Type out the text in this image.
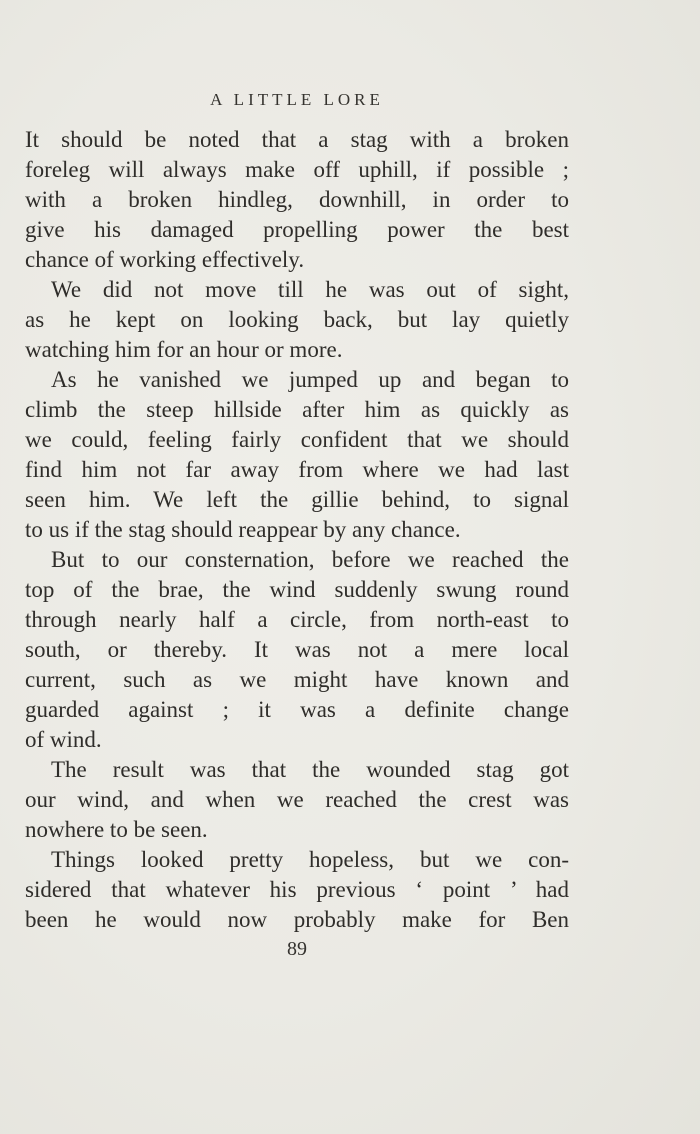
A LITTLE LORE
It should be noted that a stag with a broken
foreleg will always make off uphill, if possible ;
with a broken hindleg, downhill, in order to
give his damaged propelling power the best
chance of working effectively.
We did not move till he was out of sight,
as he kept on looking back, but lay quietly
watching him for an hour or more.
As he vanished we jumped up and began to
climb the steep hillside after him as quickly as
we could, feeling fairly confident that we should
find him not far away from where we had last
seen him. We left the gillie behind, to signal
to us if the stag should reappear by any chance.
But to our consternation, before we reached the
top of the brae, the wind suddenly swung round
through nearly half a circle, from north-east to
south, or thereby. It was not a mere local
current, such as we might have known and
guarded against ; it was a definite change
of wind.
The result was that the wounded stag got
our wind, and when we reached the crest was
nowhere to be seen.
Things looked pretty hopeless, but we con-
sidered that whatever his previous ‘ point ’ had
been he would now probably make for Ben
89
